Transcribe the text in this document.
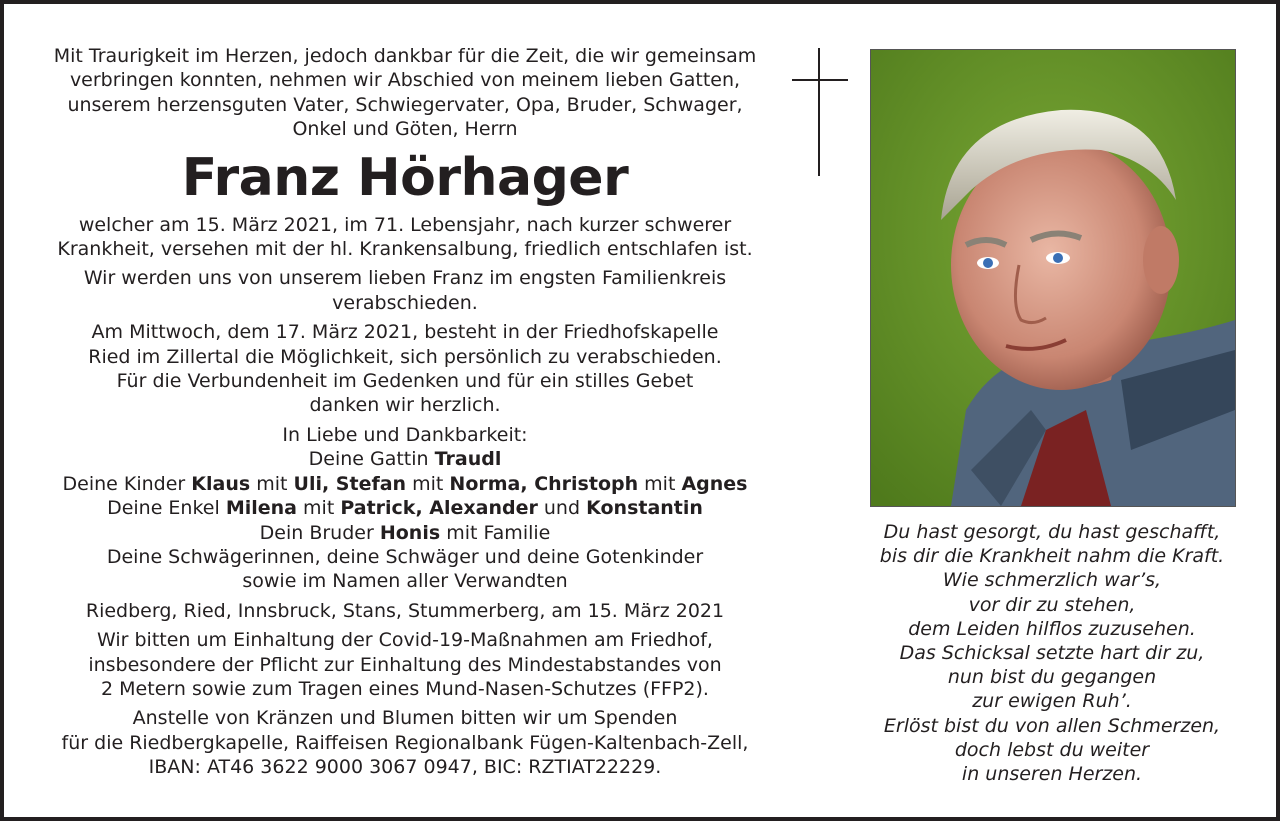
Mit Traurigkeit im Herzen, jedoch dankbar für die Zeit, die wir gemeinsam
verbringen konnten, nehmen wir Abschied von meinem lieben Gatten,
unserem herzensguten Vater, Schwiegervater, Opa, Bruder, Schwager,
Onkel und Göten, Herrn

Franz Hörhager

welcher am 15. März 2021, im 71. Lebensjahr, nach kurzer schwerer
Krankheit, versehen mit der hl. Krankensalbung, friedlich entschlafen ist.

Wir werden uns von unserem lieben Franz im engsten Familienkreis
verabschieden.

Am Mittwoch, dem 17. März 2021, besteht in der Friedhofskapelle
Ried im Zillertal die Möglichkeit, sich persönlich zu verabschieden.
Für die Verbundenheit im Gedenken und für ein stilles Gebet
danken wir herzlich.

In Liebe und Dankbarkeit:
Deine Gattin Traudl
Deine Kinder Klaus mit Uli, Stefan mit Norma, Christoph mit Agnes
Deine Enkel Milena mit Patrick, Alexander und Konstantin
Dein Bruder Honis mit Familie
Deine Schwägerinnen, deine Schwäger und deine Gotenkinder
sowie im Namen aller Verwandten

Riedberg, Ried, Innsbruck, Stans, Stummerberg, am 15. März 2021

Wir bitten um Einhaltung der Covid-19-Maßnahmen am Friedhof,
insbesondere der Pflicht zur Einhaltung des Mindestabstandes von
2 Metern sowie zum Tragen eines Mund-Nasen-Schutzes (FFP2).

Anstelle von Kränzen und Blumen bitten wir um Spenden
für die Riedbergkapelle, Raiffeisen Regionalbank Fügen-Kaltenbach-Zell,
IBAN: AT46 3622 9000 3067 0947, BIC: RZTIAT22229.

Du hast gesorgt, du hast geschafft,
bis dir die Krankheit nahm die Kraft.
Wie schmerzlich war’s,
vor dir zu stehen,
dem Leiden hilflos zuzusehen.
Das Schicksal setzte hart dir zu,
nun bist du gegangen
zur ewigen Ruh’.
Erlöst bist du von allen Schmerzen,
doch lebst du weiter
in unseren Herzen.
